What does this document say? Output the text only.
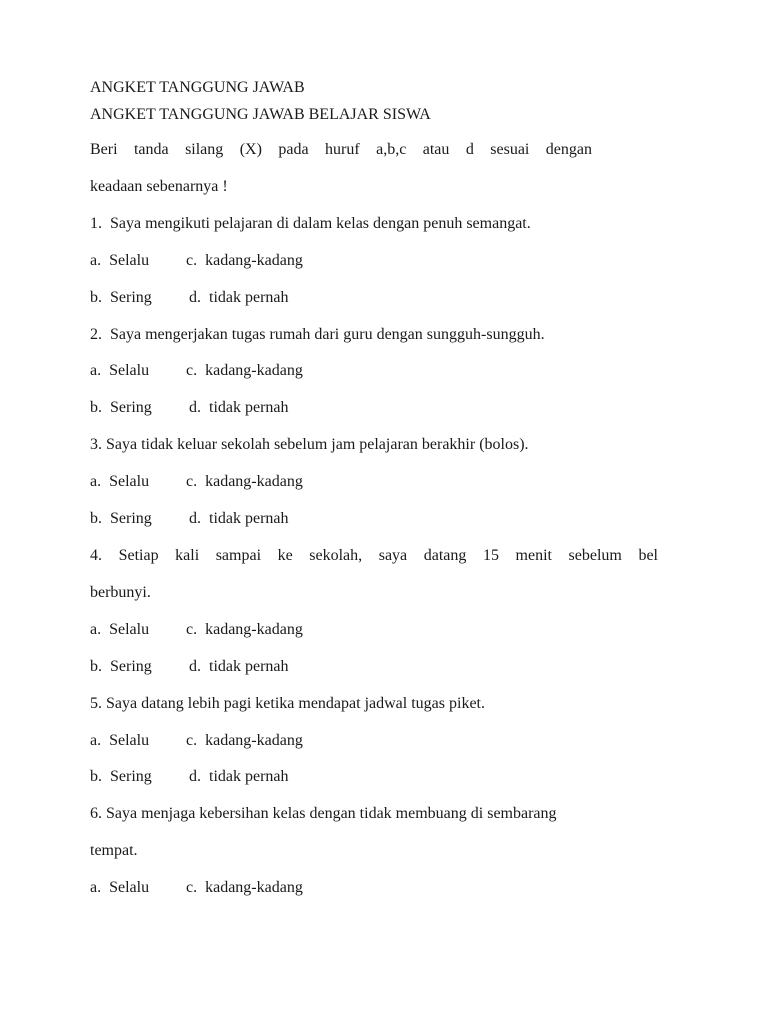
ANGKET TANGGUNG JAWAB
ANGKET TANGGUNG JAWAB BELAJAR SISWA
Beri tanda silang (X) pada huruf a,b,c atau d sesuai dengan
keadaan sebenarnya !
1.  Saya mengikuti pelajaran di dalam kelas dengan penuh semangat.
a.  Selalu c.  kadang-kadang
b.  Sering d.  tidak pernah
2.  Saya mengerjakan tugas rumah dari guru dengan sungguh-sungguh.
a.  Selalu c.  kadang-kadang
b.  Sering d.  tidak pernah
3. Saya tidak keluar sekolah sebelum jam pelajaran berakhir (bolos).
a.  Selalu c.  kadang-kadang
b.  Sering d.  tidak pernah
4. Setiap kali sampai ke sekolah, saya datang 15 menit sebelum bel
berbunyi.
a.  Selalu c.  kadang-kadang
b.  Sering d.  tidak pernah
5. Saya datang lebih pagi ketika mendapat jadwal tugas piket.
a.  Selalu c.  kadang-kadang
b.  Sering d.  tidak pernah
6. Saya menjaga kebersihan kelas dengan tidak membuang di sembarang
tempat.
a.  Selalu c.  kadang-kadang
